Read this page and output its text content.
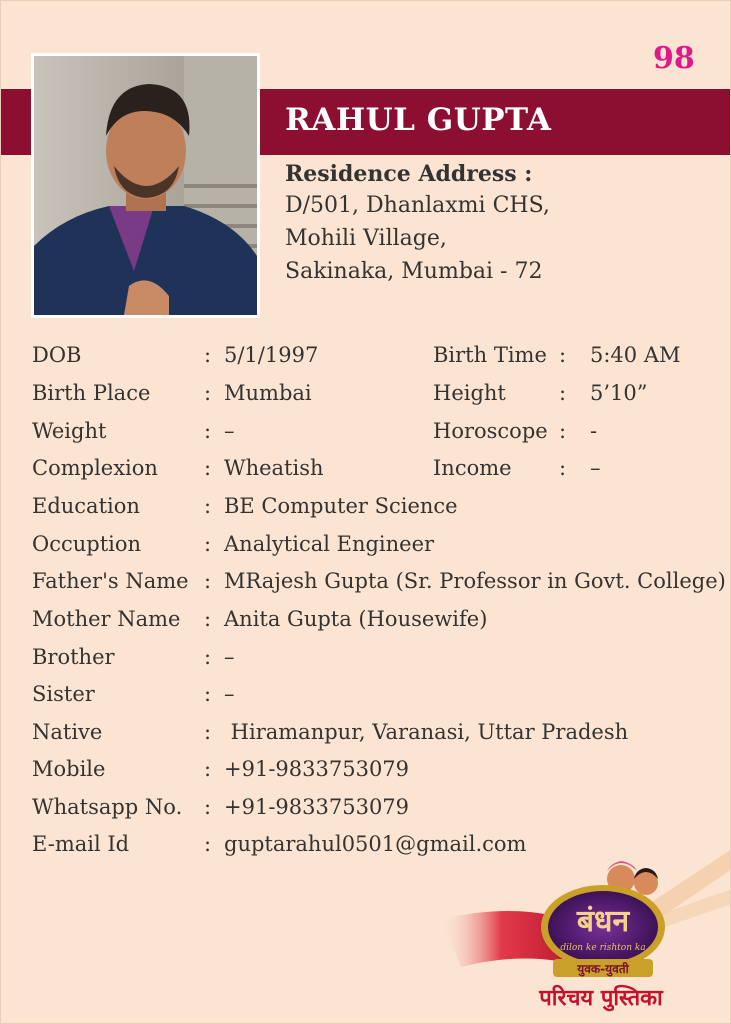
98
RAHUL GUPTA
Residence Address :
D/501, Dhanlaxmi CHS,
Mohili Village,
Sakinaka, Mumbai - 72
DOB	: 5/1/1997	Birth Time : 5:40 AM
Birth Place	: Mumbai	Height	: 5’10”
Weight	: –	Horoscope : -
Complexion : Wheatish	Income : –
Education	: BE Computer Science
Occuption	: Analytical Engineer
Father's Name : MRajesh Gupta (Sr. Professor in Govt. College)
Mother Name : Anita Gupta (Housewife)
Brother	: –
Sister	: –
Native	: Hiramanpur, Varanasi, Uttar Pradesh
Mobile	: +91-9833753079
Whatsapp No. : +91-9833753079
E-mail Id	: guptarahul0501@gmail.com
बंधन
dilon ke rishton ka
युवक-युवती
परिचय पुस्तिका
